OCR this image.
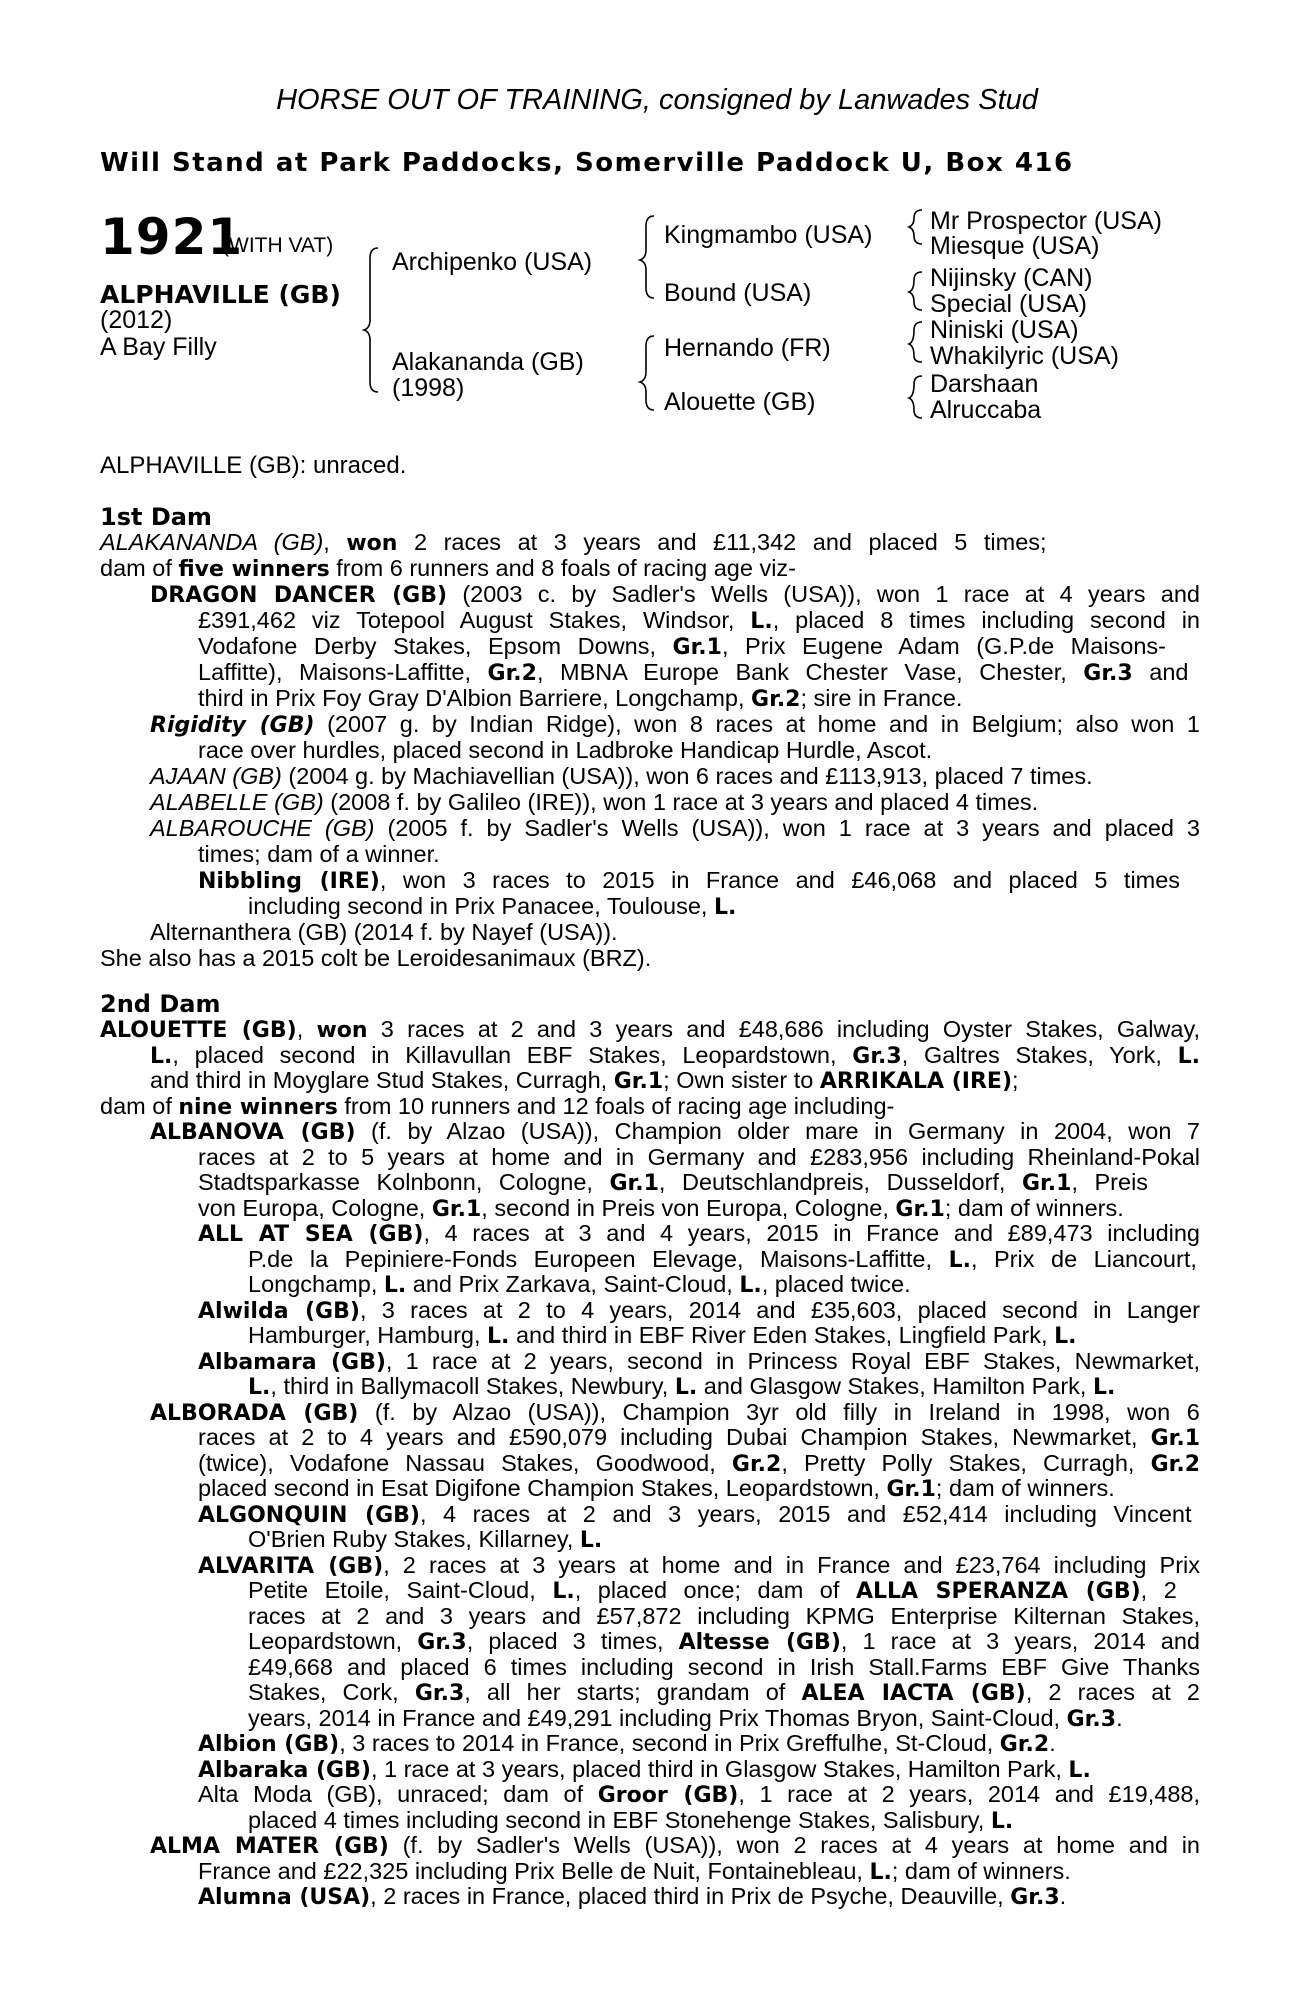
HORSE OUT OF TRAINING, consigned by Lanwades Stud
Will Stand at Park Paddocks, Somerville Paddock U, Box 416
1921
(WITH VAT)
ALPHAVILLE (GB)
(2012)
A Bay Filly
Archipenko (USA)
Alakananda (GB)
(1998)
Kingmambo (USA)
Bound (USA)
Hernando (FR)
Alouette (GB)
Mr Prospector (USA)
Miesque (USA)
Nijinsky (CAN)
Special (USA)
Niniski (USA)
Whakilyric (USA)
Darshaan
Alruccaba
ALPHAVILLE (GB): unraced.
1st Dam
2nd Dam
ALAKANANDA (GB), won 2 races at 3 years and £11,342 and placed 5 times;
dam of five winners from 6 runners and 8 foals of racing age viz-
DRAGON DANCER (GB) (2003 c. by Sadler's Wells (USA)), won 1 race at 4 years and
£391,462 viz Totepool August Stakes, Windsor, L., placed 8 times including second in
Vodafone Derby Stakes, Epsom Downs, Gr.1, Prix Eugene Adam (G.P.de Maisons-
Laffitte), Maisons-Laffitte, Gr.2, MBNA Europe Bank Chester Vase, Chester, Gr.3 and
third in Prix Foy Gray D'Albion Barriere, Longchamp, Gr.2; sire in France.
Rigidity (GB) (2007 g. by Indian Ridge), won 8 races at home and in Belgium; also won 1
race over hurdles, placed second in Ladbroke Handicap Hurdle, Ascot.
AJAAN (GB) (2004 g. by Machiavellian (USA)), won 6 races and £113,913, placed 7 times.
ALABELLE (GB) (2008 f. by Galileo (IRE)), won 1 race at 3 years and placed 4 times.
ALBAROUCHE (GB) (2005 f. by Sadler's Wells (USA)), won 1 race at 3 years and placed 3
times; dam of a winner.
Nibbling (IRE), won 3 races to 2015 in France and £46,068 and placed 5 times
including second in Prix Panacee, Toulouse, L.
Alternanthera (GB) (2014 f. by Nayef (USA)).
She also has a 2015 colt be Leroidesanimaux (BRZ).
ALOUETTE (GB), won 3 races at 2 and 3 years and £48,686 including Oyster Stakes, Galway,
L., placed second in Killavullan EBF Stakes, Leopardstown, Gr.3, Galtres Stakes, York, L.
and third in Moyglare Stud Stakes, Curragh, Gr.1; Own sister to ARRIKALA (IRE);
dam of nine winners from 10 runners and 12 foals of racing age including-
ALBANOVA (GB) (f. by Alzao (USA)), Champion older mare in Germany in 2004, won 7
races at 2 to 5 years at home and in Germany and £283,956 including Rheinland-Pokal
Stadtsparkasse Kolnbonn, Cologne, Gr.1, Deutschlandpreis, Dusseldorf, Gr.1, Preis
von Europa, Cologne, Gr.1, second in Preis von Europa, Cologne, Gr.1; dam of winners.
ALL AT SEA (GB), 4 races at 3 and 4 years, 2015 in France and £89,473 including
P.de la Pepiniere-Fonds Europeen Elevage, Maisons-Laffitte, L., Prix de Liancourt,
Longchamp, L. and Prix Zarkava, Saint-Cloud, L., placed twice.
Alwilda (GB), 3 races at 2 to 4 years, 2014 and £35,603, placed second in Langer
Hamburger, Hamburg, L. and third in EBF River Eden Stakes, Lingfield Park, L.
Albamara (GB), 1 race at 2 years, second in Princess Royal EBF Stakes, Newmarket,
L., third in Ballymacoll Stakes, Newbury, L. and Glasgow Stakes, Hamilton Park, L.
ALBORADA (GB) (f. by Alzao (USA)), Champion 3yr old filly in Ireland in 1998, won 6
races at 2 to 4 years and £590,079 including Dubai Champion Stakes, Newmarket, Gr.1
(twice), Vodafone Nassau Stakes, Goodwood, Gr.2, Pretty Polly Stakes, Curragh, Gr.2
placed second in Esat Digifone Champion Stakes, Leopardstown, Gr.1; dam of winners.
ALGONQUIN (GB), 4 races at 2 and 3 years, 2015 and £52,414 including Vincent
O'Brien Ruby Stakes, Killarney, L.
ALVARITA (GB), 2 races at 3 years at home and in France and £23,764 including Prix
Petite Etoile, Saint-Cloud, L., placed once; dam of ALLA SPERANZA (GB), 2
races at 2 and 3 years and £57,872 including KPMG Enterprise Kilternan Stakes,
Leopardstown, Gr.3, placed 3 times, Altesse (GB), 1 race at 3 years, 2014 and
£49,668 and placed 6 times including second in Irish Stall.Farms EBF Give Thanks
Stakes, Cork, Gr.3, all her starts; grandam of ALEA IACTA (GB), 2 races at 2
years, 2014 in France and £49,291 including Prix Thomas Bryon, Saint-Cloud, Gr.3.
Albion (GB), 3 races to 2014 in France, second in Prix Greffulhe, St-Cloud, Gr.2.
Albaraka (GB), 1 race at 3 years, placed third in Glasgow Stakes, Hamilton Park, L.
Alta Moda (GB), unraced; dam of Groor (GB), 1 race at 2 years, 2014 and £19,488,
placed 4 times including second in EBF Stonehenge Stakes, Salisbury, L.
ALMA MATER (GB) (f. by Sadler's Wells (USA)), won 2 races at 4 years at home and in
France and £22,325 including Prix Belle de Nuit, Fontainebleau, L.; dam of winners.
Alumna (USA), 2 races in France, placed third in Prix de Psyche, Deauville, Gr.3.
